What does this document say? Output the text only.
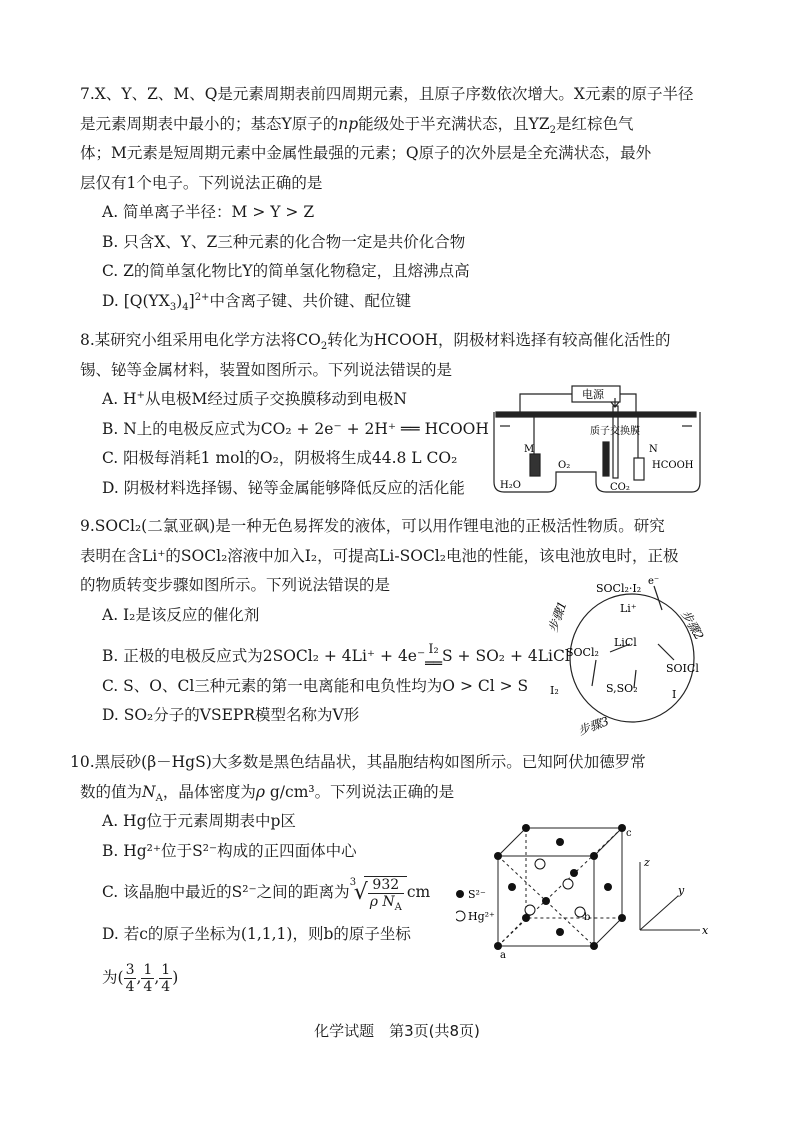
7.X、Y、Z、M、Q是元素周期表前四周期元素，且原子序数依次增大。X元素的原子半径
是元素周期表中最小的；基态Y原子的np能级处于半充满状态，且$YZ_2$是红棕色气
体；M元素是短周期元素中金属性最强的元素；Q原子的次外层是全充满状态，最外
层仅有1个电子。下列说法正确的是

A. 简单离子半径：M > Y > Z
B. 只含X、Y、Z三种元素的化合物一定是共价化合物
C. Z的简单氢化物比Y的简单氢化物稳定，且熔沸点高
D. $[Q(YX_3)_4]^{2+}$中含离子键、共价键、配位键

8.某研究小组采用电化学方法将$CO_2$转化为HCOOH，阴极材料选择有较高催化活性的
锡、铋等金属材料，装置如图所示。下列说法错误的是

A. H+从电极M经过质子交换膜移动到电极N
B. N上的电极反应式为CO₂ + 2e⁻ + 2H⁺ ══ HCOOH
C. 阳极每消耗1 mol的O₂，阴极将生成44.8 L CO₂
D. 阴极材料选择锡、铋等金属能够降低反应的活化能
电源
质子交换膜
M	N
O₂
H₂O	CO₂
HCOOH

9.SOCl₂(二氯亚砜)是一种无色易挥发的液体，可以用作锂电池的正极活性物质。研究
表明在含Li⁺的SOCl₂溶液中加入I₂，可提高Li-SOCl₂电池的性能，该电池放电时，正极
的物质转变步骤如图所示。下列说法错误的是

A. I₂是该反应的催化剂
B. 正极的电极反应式为2SOCl₂ + 4Li⁺ + 4e⁻ I₂
══ S + SO₂ + 4LiCl
C. S、O、Cl三种元素的第一电离能和电负性均为O > Cl > S
D. SO₂分子的VSEPR模型名称为V形
SOCl₂·I₂
e⁻
Li⁺
步骤1	步骤2
步骤3
LiCl
SOCl₂
SOICl
I₂	S,SO₂	I

10.黑辰砂(β－HgS)大多数是黑色结晶状，其晶胞结构如图所示。已知阿伏加德罗常
数的值为$N_A$，晶体密度为ρ g/cm³。下列说法正确的是

A. Hg位于元素周期表中p区
B. Hg²⁺位于S²⁻构成的正四面体中心
C. 该晶胞中最近的S²⁻之间的距离为
3
√ $\frac{932}{\rho N_A}$ cm
D. 若c的原子坐标为(1,1,1)，则b的原子坐标
为( $\frac{3}{4}$ , $\frac{1}{4}$ , $\frac{1}{4}$ )
c
a
b
S²⁻
Hg²⁺
z
y
x
化学试题　第3页(共8页)
